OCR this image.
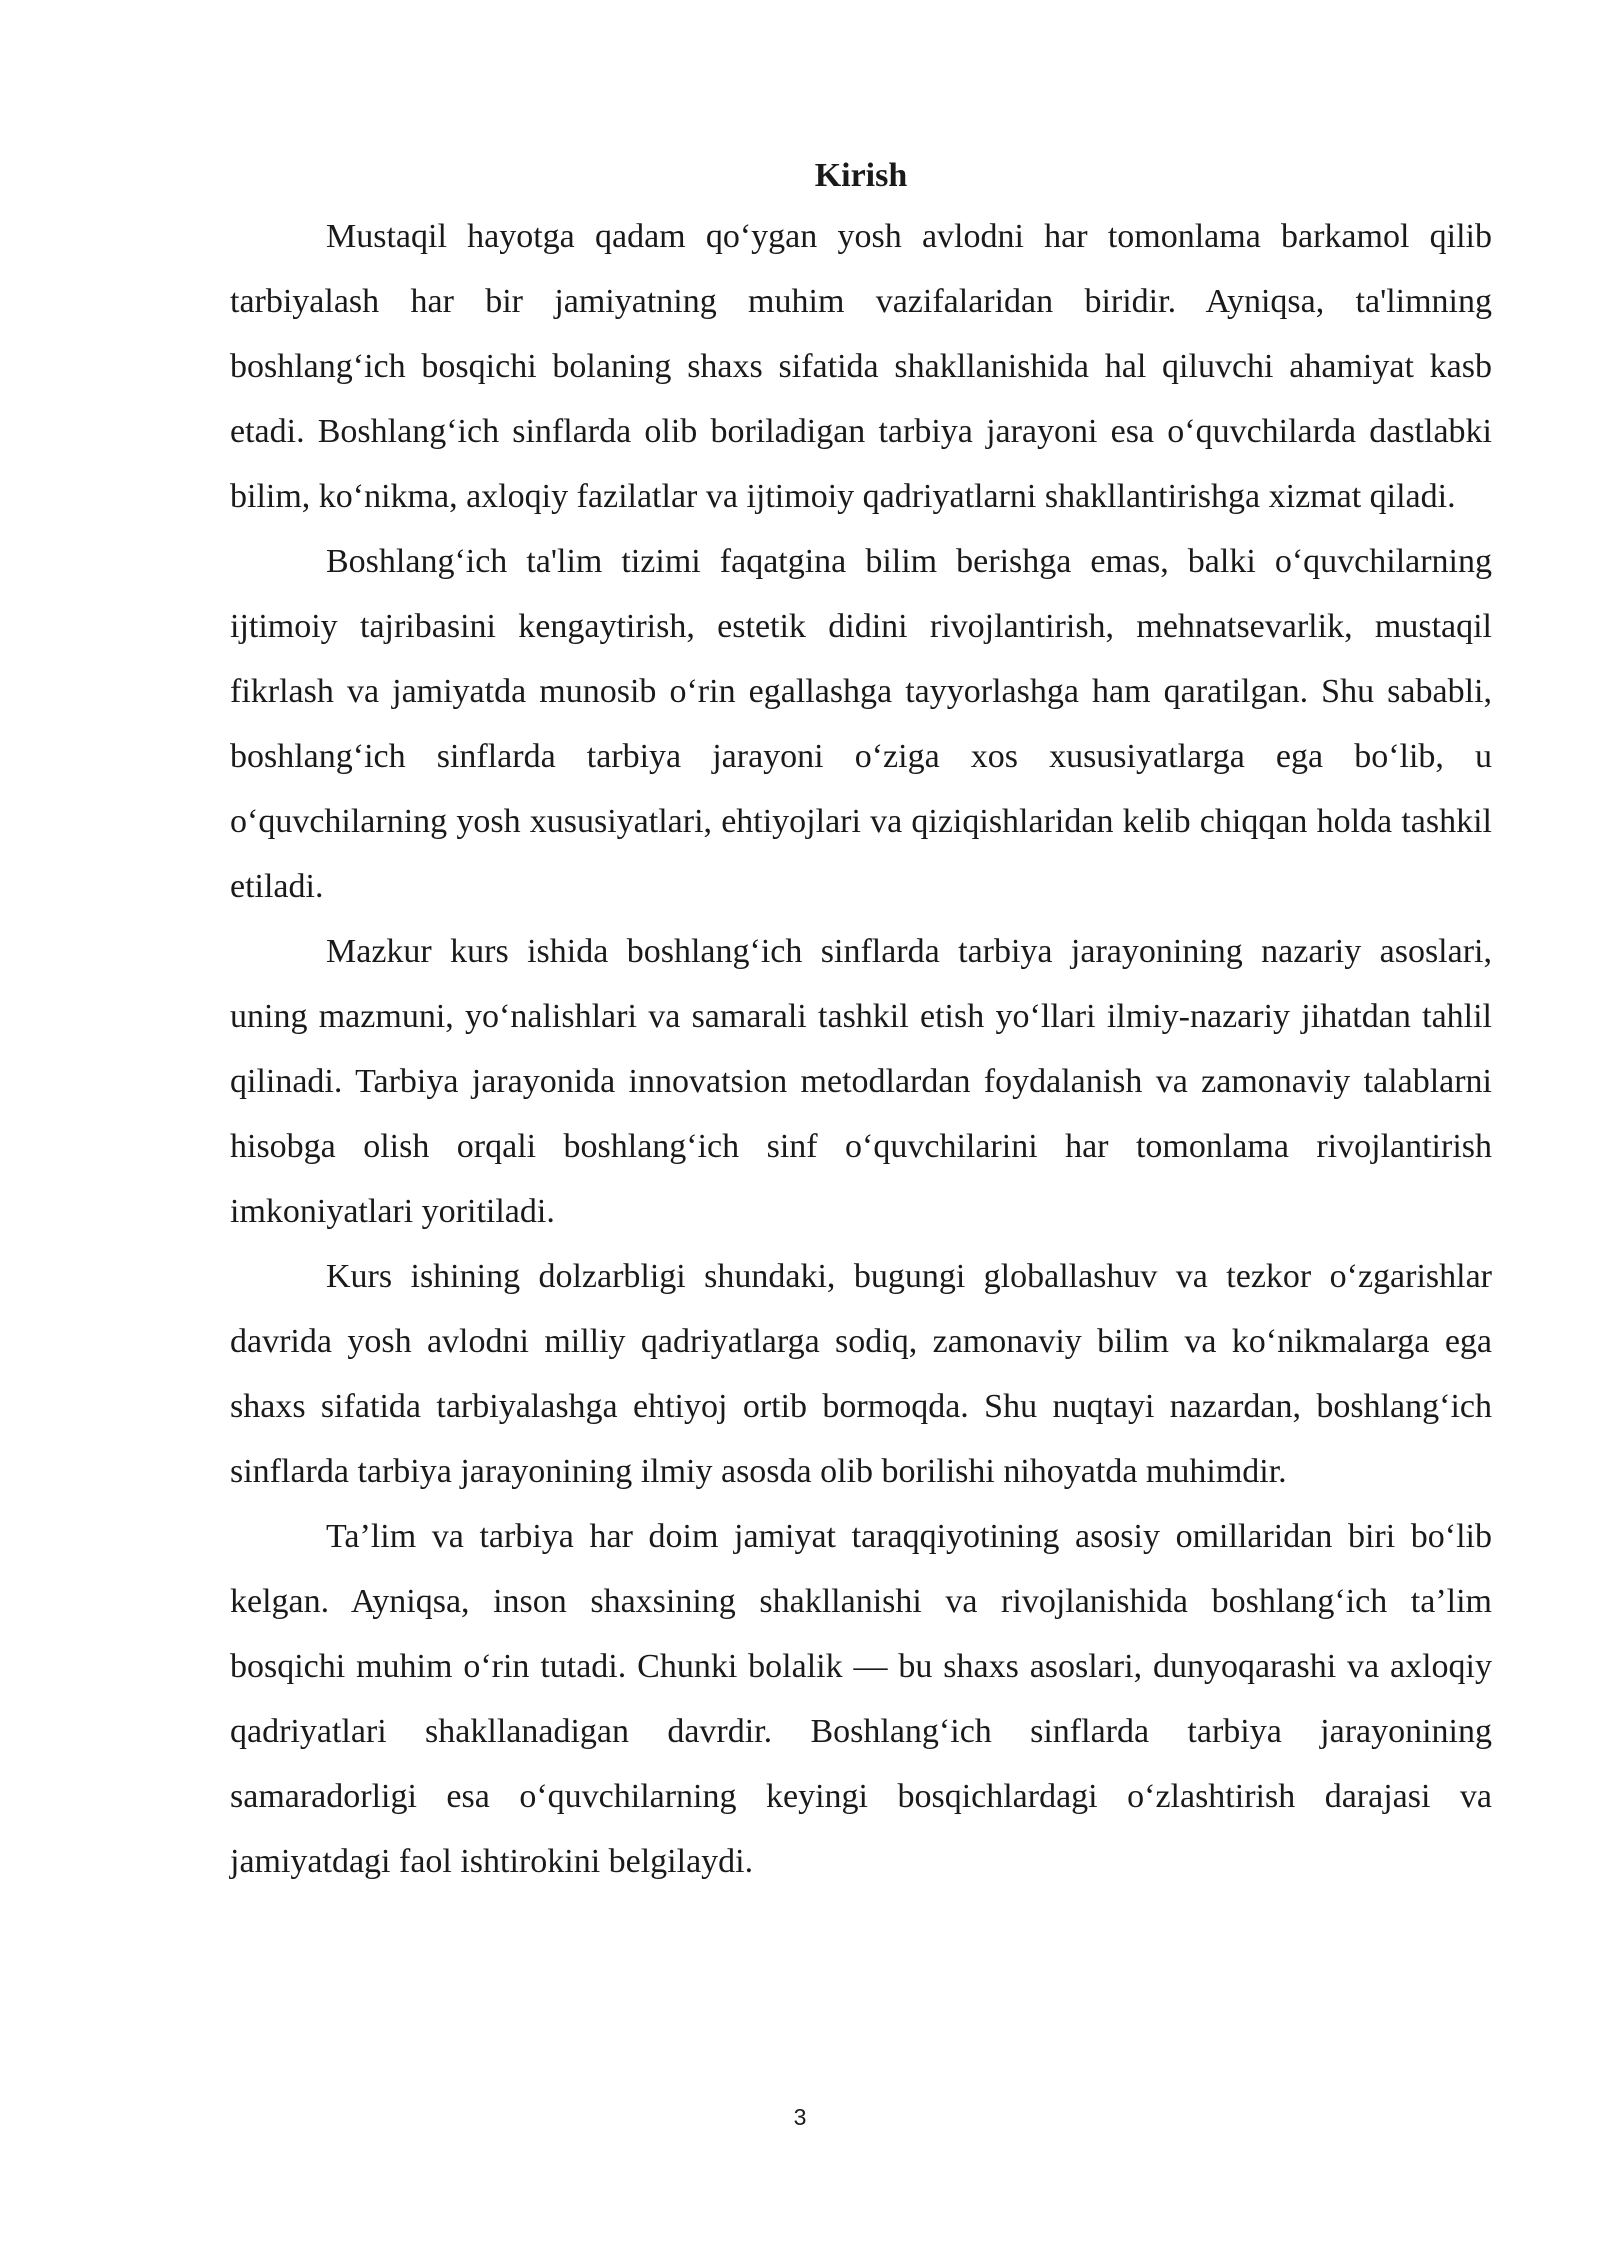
Kirish

Mustaqil hayotga qadam qo‘ygan yosh avlodni har tomonlama barkamol qilib tarbiyalash har bir jamiyatning muhim vazifalaridan biridir. Ayniqsa, ta'limning boshlang‘ich bosqichi bolaning shaxs sifatida shakllanishida hal qiluvchi ahamiyat kasb etadi. Boshlang‘ich sinflarda olib boriladigan tarbiya jarayoni esa o‘quvchilarda dastlabki bilim, ko‘nikma, axloqiy fazilatlar va ijtimoiy qadriyatlarni shakllantirishga xizmat qiladi.

Boshlang‘ich ta'lim tizimi faqatgina bilim berishga emas, balki o‘quvchilarning ijtimoiy tajribasini kengaytirish, estetik didini rivojlantirish, mehnatsevarlik, mustaqil fikrlash va jamiyatda munosib o‘rin egallashga tayyorlashga ham qaratilgan. Shu sababli, boshlang‘ich sinflarda tarbiya jarayoni o‘ziga xos xususiyatlarga ega bo‘lib, u o‘quvchilarning yosh xususiyatlari, ehtiyojlari va qiziqishlaridan kelib chiqqan holda tashkil etiladi.

Mazkur kurs ishida boshlang‘ich sinflarda tarbiya jarayonining nazariy asoslari, uning mazmuni, yo‘nalishlari va samarali tashkil etish yo‘llari ilmiy-nazariy jihatdan tahlil qilinadi. Tarbiya jarayonida innovatsion metodlardan foydalanish va zamonaviy talablarni hisobga olish orqali boshlang‘ich sinf o‘quvchilarini har tomonlama rivojlantirish imkoniyatlari yoritiladi.

Kurs ishining dolzarbligi shundaki, bugungi globallashuv va tezkor o‘zgarishlar davrida yosh avlodni milliy qadriyatlarga sodiq, zamonaviy bilim va ko‘nikmalarga ega shaxs sifatida tarbiyalashga ehtiyoj ortib bormoqda. Shu nuqtayi nazardan, boshlang‘ich sinflarda tarbiya jarayonining ilmiy asosda olib borilishi nihoyatda muhimdir.

Ta’lim va tarbiya har doim jamiyat taraqqiyotining asosiy omillaridan biri bo‘lib kelgan. Ayniqsa, inson shaxsining shakllanishi va rivojlanishida boshlang‘ich ta’lim bosqichi muhim o‘rin tutadi. Chunki bolalik — bu shaxs asoslari, dunyoqarashi va axloqiy qadriyatlari shakllanadigan davrdir. Boshlang‘ich sinflarda tarbiya jarayonining samaradorligi esa o‘quvchilarning keyingi bosqichlardagi o‘zlashtirish darajasi va jamiyatdagi faol ishtirokini belgilaydi.

3
